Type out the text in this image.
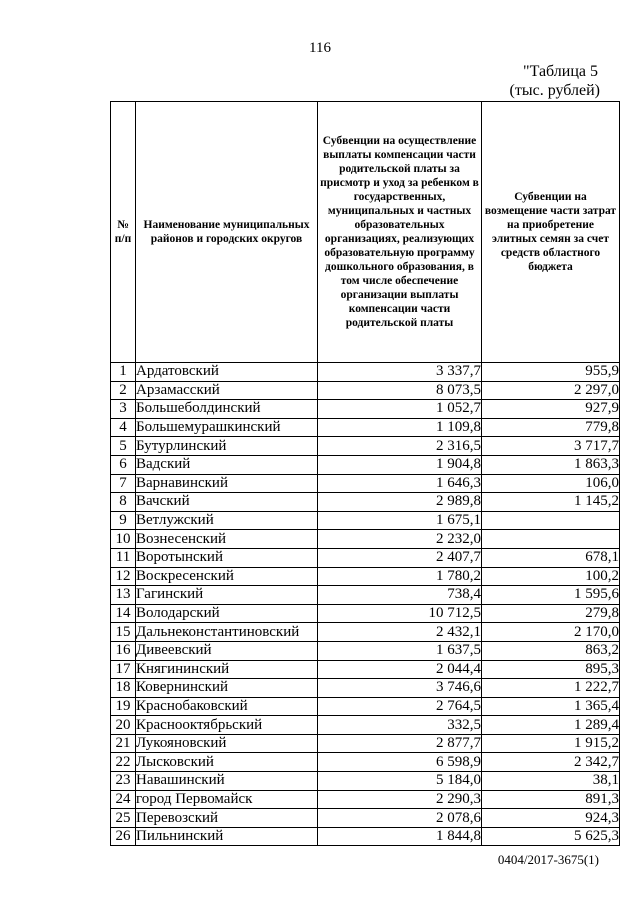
116
"Таблица 5
(тыс. рублей)
№ п/п	Наименование муниципальных районов и городских округов	Субвенции на осуществление выплаты компенсации части родительской платы за присмотр и уход за ребенком в государственных, муниципальных и частных образовательных организациях, реализующих образовательную программу дошкольного образования, в том числе обеспечение организации выплаты компенсации части родительской платы	Субвенции на возмещение части затрат на приобретение элитных семян за счет средств областного бюджета

1	Ардатовский	3 337,7	955,9
2	Арзамасский	8 073,5	2 297,0
3	Большеболдинский	1 052,7	927,9
4	Большемурашкинский	1 109,8	779,8
5	Бутурлинский	2 316,5	3 717,7
6	Вадский	1 904,8	1 863,3
7	Варнавинский	1 646,3	106,0
8	Вачский	2 989,8	1 145,2
9	Ветлужский	1 675,1	
10	Вознесенский	2 232,0	
11	Воротынский	2 407,7	678,1
12	Воскресенский	1 780,2	100,2
13	Гагинский	738,4	1 595,6
14	Володарский	10 712,5	279,8
15	Дальнеконстантиновский	2 432,1	2 170,0
16	Дивеевский	1 637,5	863,2
17	Княгининский	2 044,4	895,3
18	Ковернинский	3 746,6	1 222,7
19	Краснобаковский	2 764,5	1 365,4
20	Краснооктябрьский	332,5	1 289,4
21	Лукояновский	2 877,7	1 915,2
22	Лысковский	6 598,9	2 342,7
23	Навашинский	5 184,0	38,1
24	город Первомайск	2 290,3	891,3
25	Перевозский	2 078,6	924,3
26	Пильнинский	1 844,8	5 625,3
0404/2017-3675(1)
